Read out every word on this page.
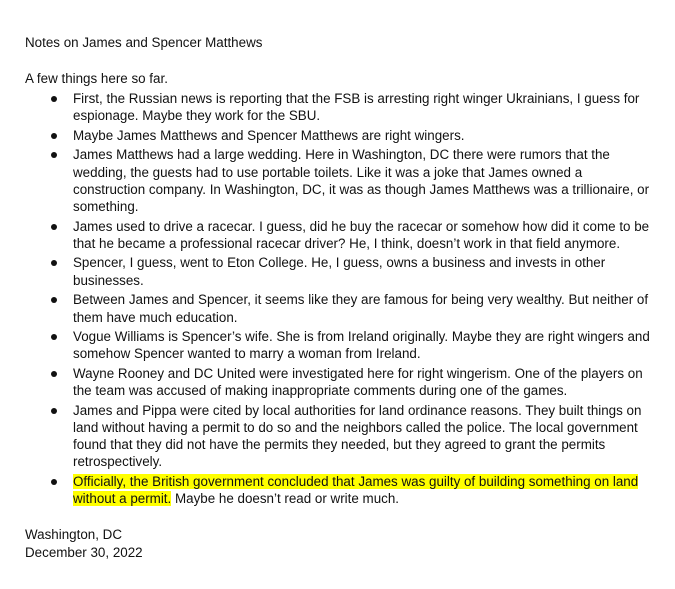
Notes on James and Spencer Matthews

A few things here so far.

First, the Russian news is reporting that the FSB is arresting right winger Ukrainians, I guess for espionage. Maybe they work for the SBU.
Maybe James Matthews and Spencer Matthews are right wingers.
James Matthews had a large wedding. Here in Washington, DC there were rumors that the wedding, the guests had to use portable toilets. Like it was a joke that James owned a construction company. In Washington, DC, it was as though James Matthews was a trillionaire, or something.
James used to drive a racecar. I guess, did he buy the racecar or somehow how did it come to be that he became a professional racecar driver? He, I think, doesn’t work in that field anymore.
Spencer, I guess, went to Eton College. He, I guess, owns a business and invests in other businesses.
Between James and Spencer, it seems like they are famous for being very wealthy. But neither of them have much education.
Vogue Williams is Spencer’s wife. She is from Ireland originally. Maybe they are right wingers and somehow Spencer wanted to marry a woman from Ireland.
Wayne Rooney and DC United were investigated here for right wingerism. One of the players on the team was accused of making inappropriate comments during one of the games.
James and Pippa were cited by local authorities for land ordinance reasons. They built things on land without having a permit to do so and the neighbors called the police. The local government found that they did not have the permits they needed, but they agreed to grant the permits retrospectively.
Officially, the British government concluded that James was guilty of building something on land without a permit. Maybe he doesn’t read or write much.

Washington, DC

December 30, 2022
